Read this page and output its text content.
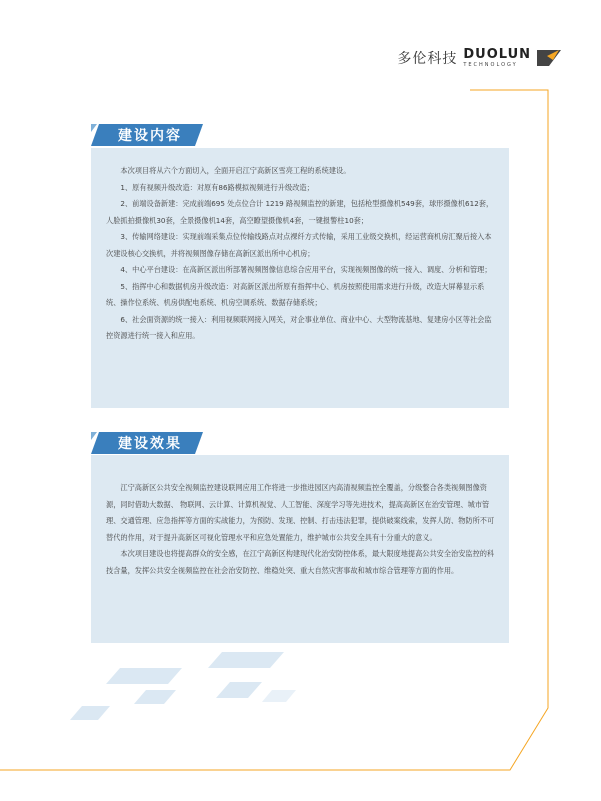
多伦科技 DUOLUN
TECHNOLOGY
建设内容

本次项目将从六个方面切入，全面开启江宁高新区雪亮工程的系统建设。

1、原有视频升级改造：对原有86路模拟视频进行升级改造；

2、前端设备新建：完成前端695 处点位合计 1219 路视频监控的新建，包括枪型摄像机549套，球形摄像机612套，人脸抓拍摄像机30套，全景摄像机14套，高空瞭望摄像机4套，一键报警柱10套；

3、传输网络建设：实现前端采集点位传输线路点对点裸纤方式传输，采用工业级交换机，经运营商机房汇聚后接入本次建设核心交换机，并将视频图像存储在高新区派出所中心机房；

4、中心平台建设：在高新区派出所部署视频图像信息综合应用平台，实现视频图像的统一接入、调度、分析和管理；

5、指挥中心和数据机房升级改造：对高新区派出所原有指挥中心、机房按照使用需求进行升级，改造大屏幕显示系统、操作位系统、机房供配电系统、机房空调系统、数据存储系统；

6、社会面资源的统一接入：利用视频联网接入网关，对企事业单位、商业中心、大型物流基地、复建房小区等社会监控资源进行统一接入和应用。

建设效果

江宁高新区公共安全视频监控建设联网应用工作将进一步推进园区内高清视频监控全覆盖，分级整合各类视频图像资源，同时借助大数据、 物联网、云计算、计算机视觉、人工智能、深度学习等先进技术，提高高新区在治安管理、城市管理、交通管理、应急指挥等方面的实战能力，为预防、发现、控制、打击违法犯罪，提供破案线索，发挥人防、物防所不可替代的作用，对于提升高新区可视化管理水平和应急处置能力，维护城市公共安全具有十分重大的意义。

本次项目建设也将提高群众的安全感，在江宁高新区构建现代化治安防控体系，最大限度地提高公共安全治安监控的科技含量，发挥公共安全视频监控在社会治安防控、维稳处突、重大自然灾害事故和城市综合管理等方面的作用。
